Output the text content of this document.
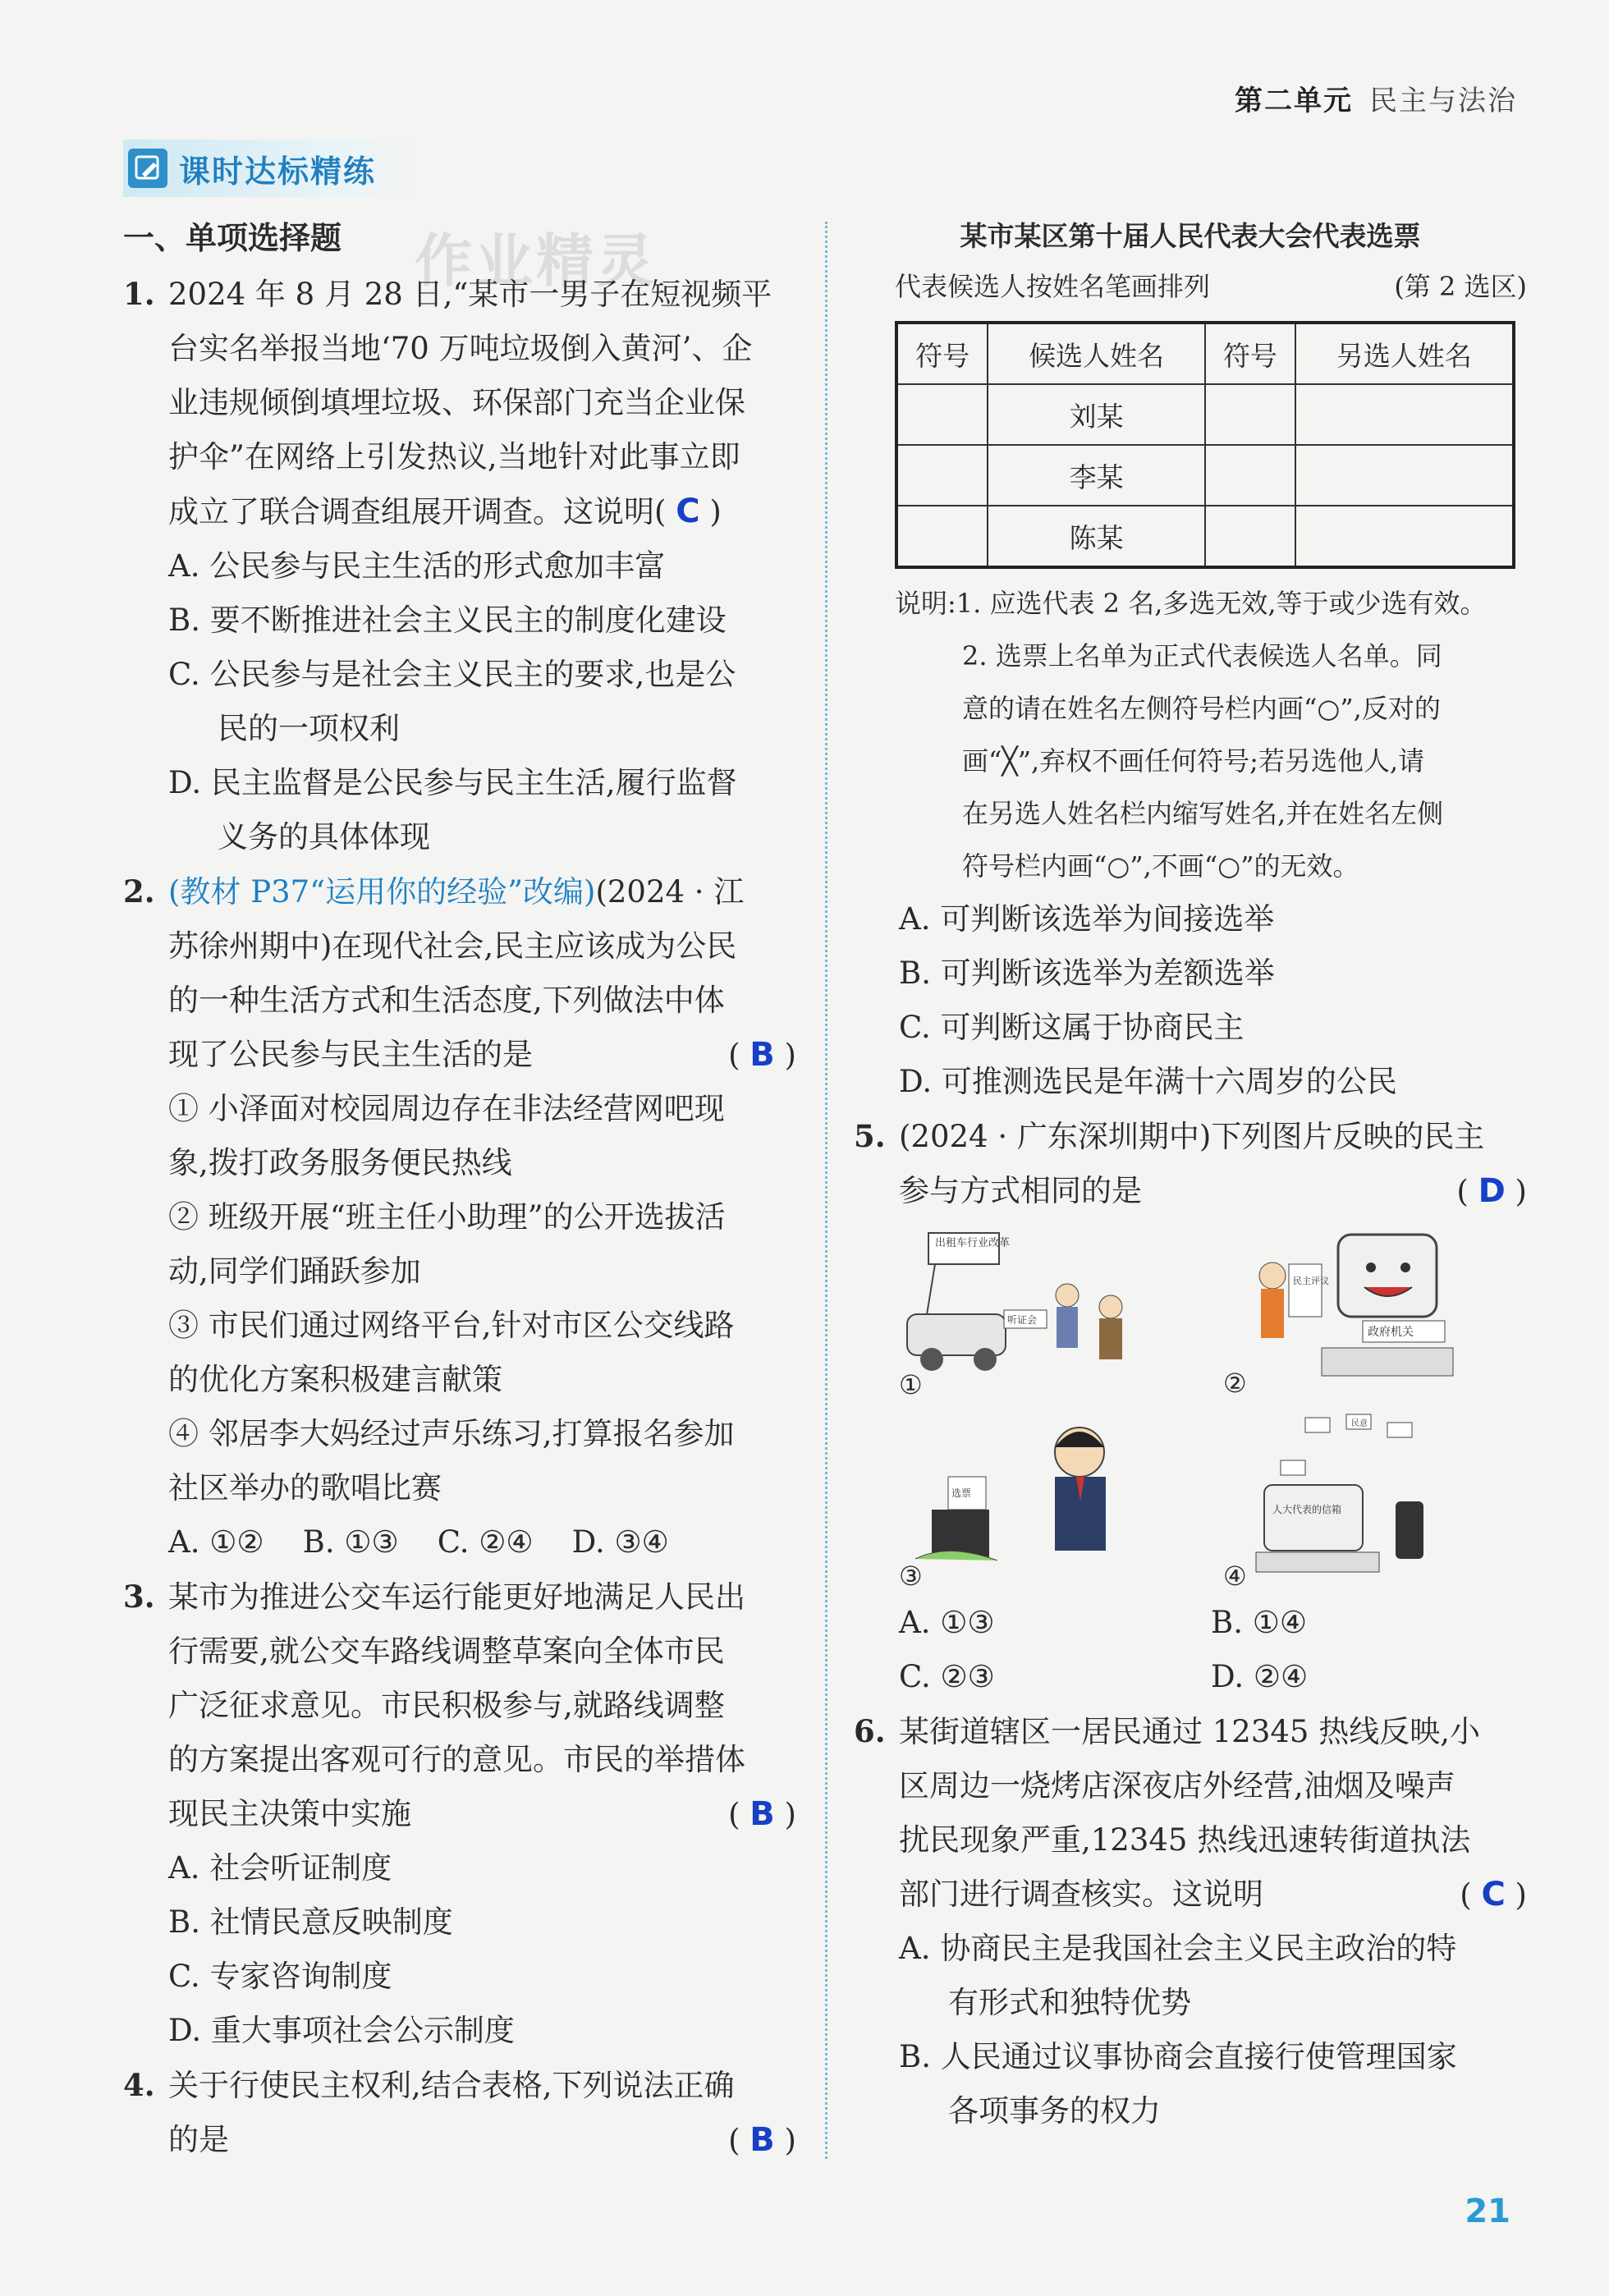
第二单元 民主与法治
课时达标精练
作业精灵
一、单项选择题
1. 2024 年 8 月 28 日,“某市一男子在短视频平
台实名举报当地‘70 万吨垃圾倒入黄河’、企
业违规倾倒填埋垃圾、环保部门充当企业保
护伞”在网络上引发热议,当地针对此事立即
成立了联合调查组展开调查。这说明( C )
A. 公民参与民主生活的形式愈加丰富
B. 要不断推进社会主义民主的制度化建设
C. 公民参与是社会主义民主的要求,也是公
民的一项权利
D. 民主监督是公民参与民主生活,履行监督
义务的具体体现
2. (教材 P37“运用你的经验”改编)(2024 · 江
苏徐州期中)在现代社会,民主应该成为公民
的一种生活方式和生活态度,下列做法中体
现了公民参与民主生活的是	( B )
① 小泽面对校园周边存在非法经营网吧现
象,拨打政务服务便民热线
② 班级开展“班主任小助理”的公开选拔活
动,同学们踊跃参加
③ 市民们通过网络平台,针对市区公交线路
的优化方案积极建言献策
④ 邻居李大妈经过声乐练习,打算报名参加
社区举办的歌唱比赛
A. ①②    B. ①③    C. ②④    D. ③④
3. 某市为推进公交车运行能更好地满足人民出
行需要,就公交车路线调整草案向全体市民
广泛征求意见。市民积极参与,就路线调整
的方案提出客观可行的意见。市民的举措体
现民主决策中实施	( B )
A. 社会听证制度
B. 社情民意反映制度
C. 专家咨询制度
D. 重大事项社会公示制度
4. 关于行使民主权利,结合表格,下列说法正确
的是	( B )
某市某区第十届人民代表大会代表选票
代表候选人按姓名笔画排列	(第 2 选区)
符号	候选人姓名	符号	另选人姓名
	刘某		
	李某		
	陈某		
说明:1. 应选代表 2 名,多选无效,等于或少选有效。
2. 选票上名单为正式代表候选人名单。同
意的请在姓名左侧符号栏内画“○”,反对的
画“╳”,弃权不画任何符号;若另选他人,请
在另选人姓名栏内缩写姓名,并在姓名左侧
符号栏内画“○”,不画“○”的无效。
A. 可判断该选举为间接选举
B. 可判断该选举为差额选举
C. 可判断这属于协商民主
D. 可推测选民是年满十六周岁的公民
5. (2024 · 广东深圳期中)下列图片反映的民主
参与方式相同的是	( D )
出租车行业改革
听证会
①
民主评议
政府机关
②
选票
③
民意
人大代表的信箱
④
A. ①③	B. ①④
C. ②③	D. ②④
6. 某街道辖区一居民通过 12345 热线反映,小
区周边一烧烤店深夜店外经营,油烟及噪声
扰民现象严重,12345 热线迅速转街道执法
部门进行调查核实。这说明	( C )
A. 协商民主是我国社会主义民主政治的特
有形式和独特优势
B. 人民通过议事协商会直接行使管理国家
各项事务的权力
21
